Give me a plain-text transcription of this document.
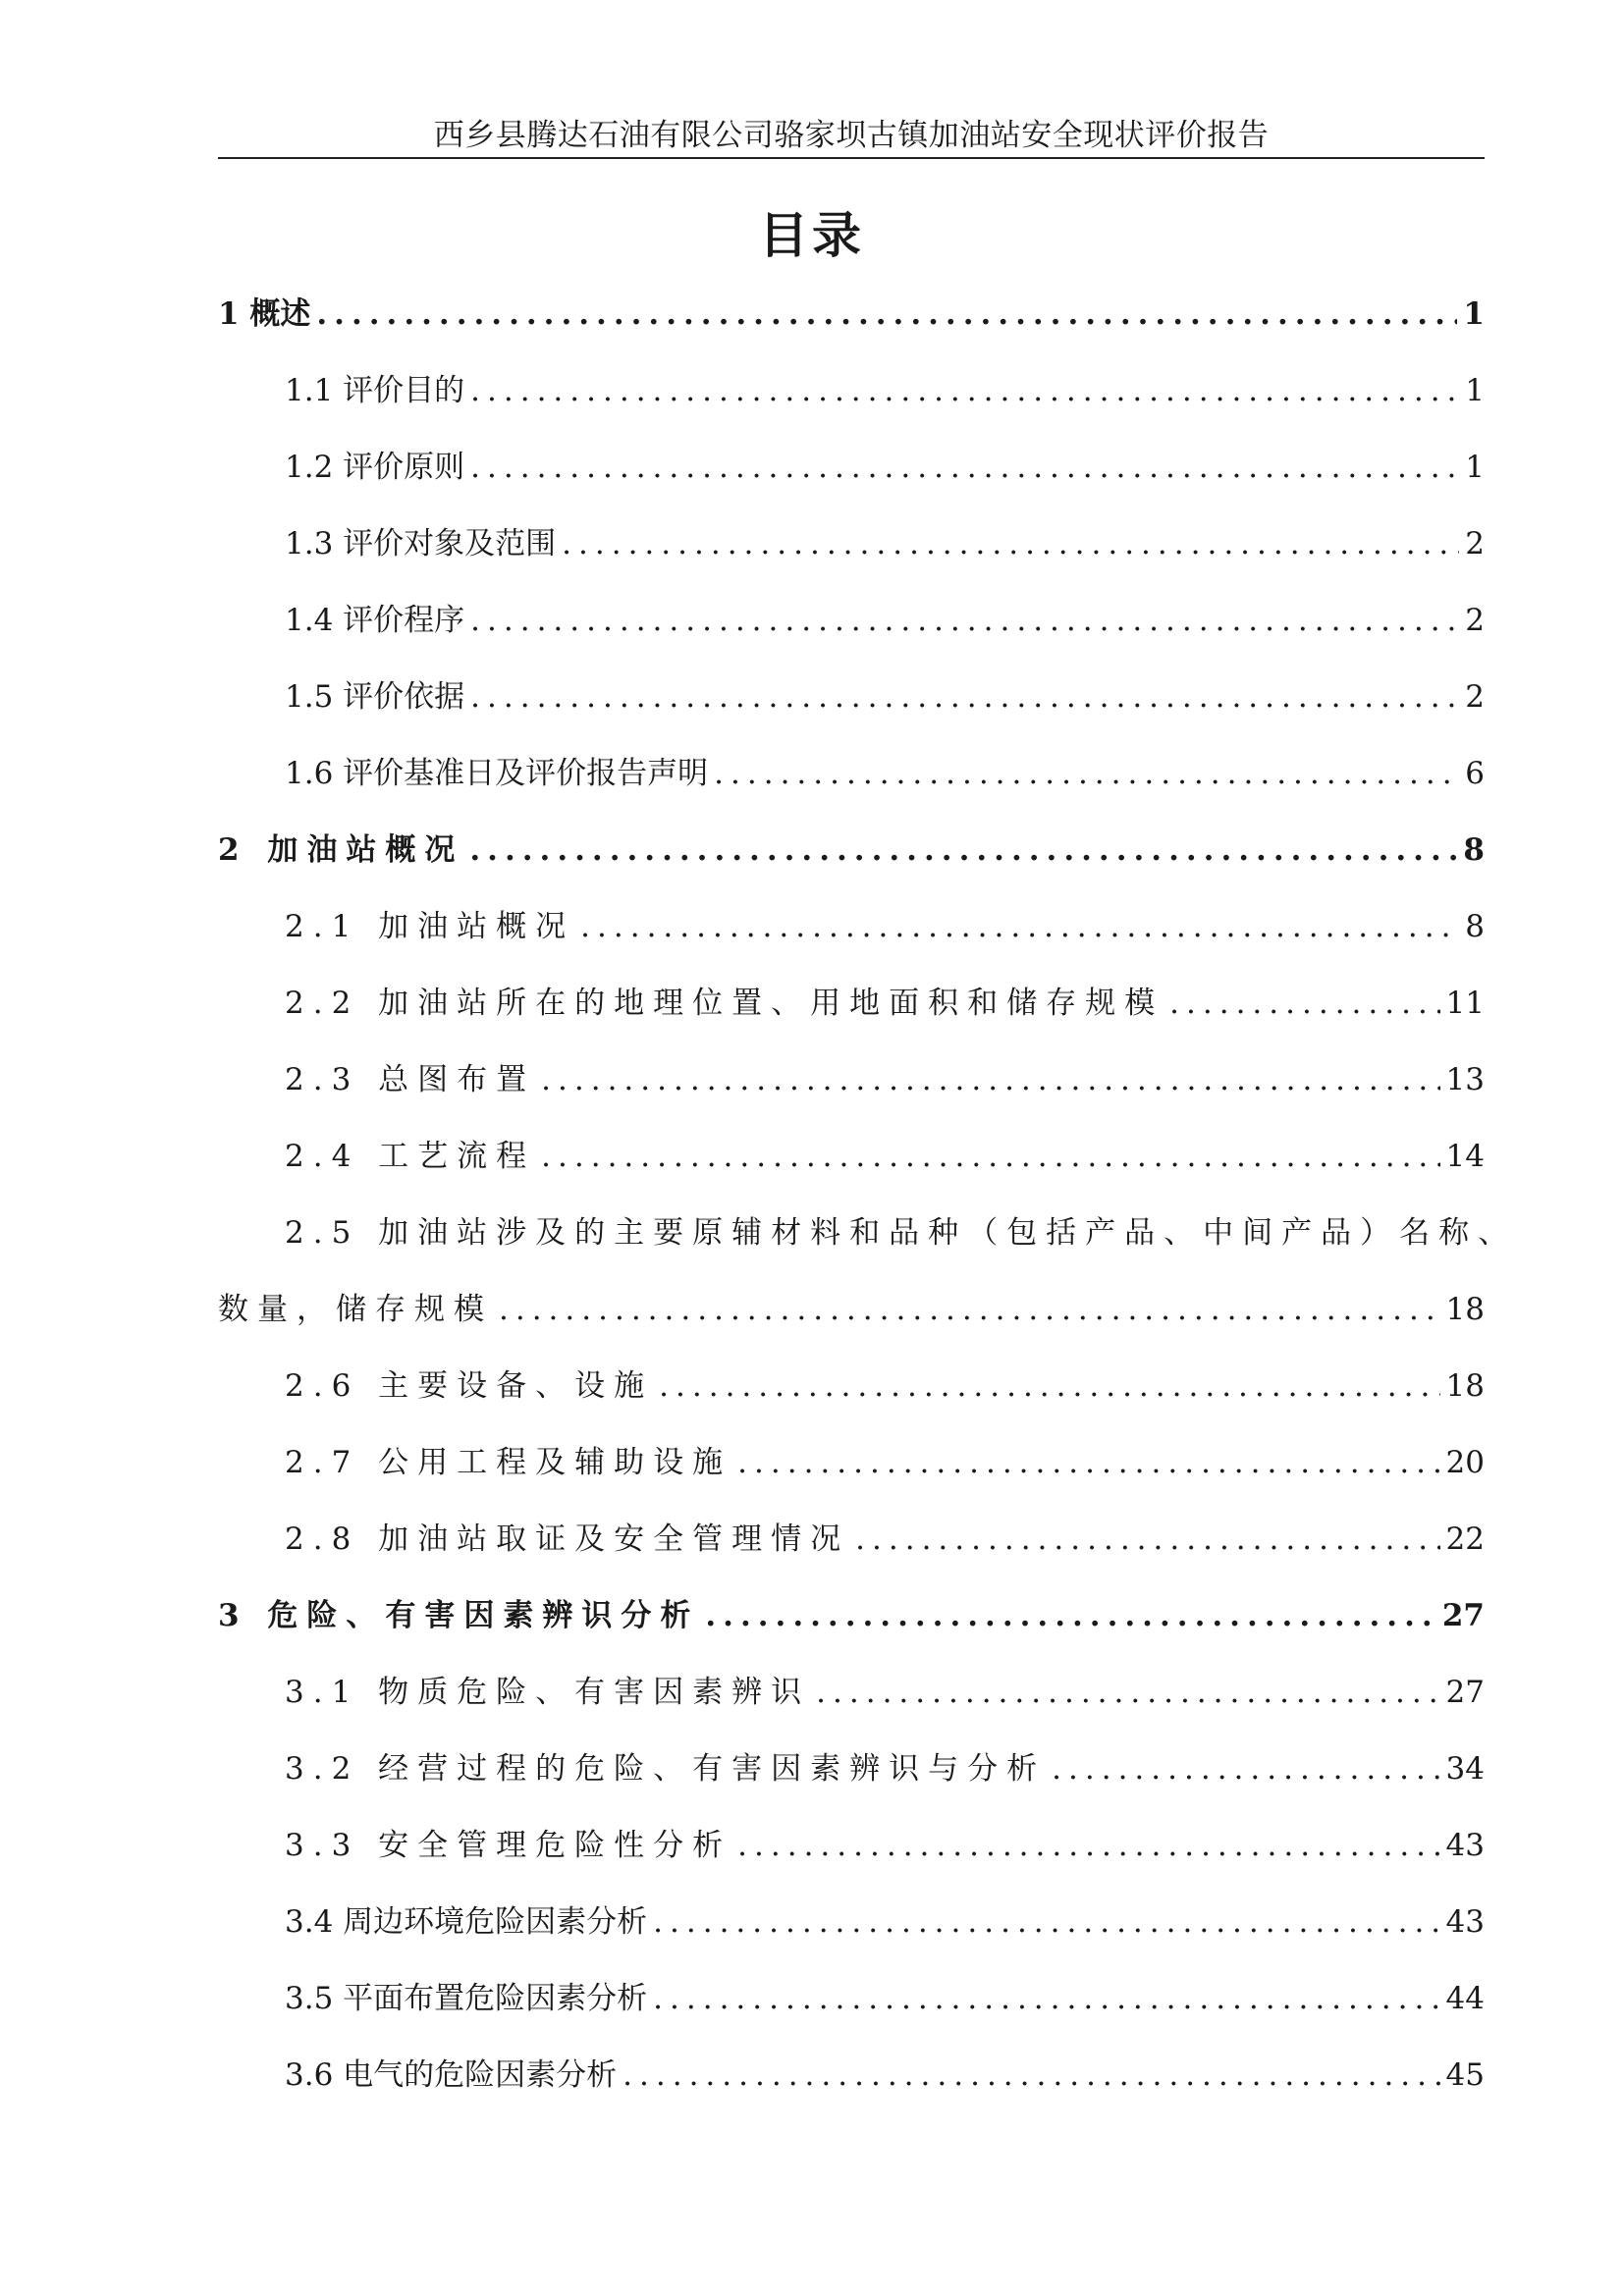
西乡县腾达石油有限公司骆家坝古镇加油站安全现状评价报告
目录
1 概述 .....	1
1.1 评价目的 .....	1
1.2 评价原则 .....	1
1.3 评价对象及范围 .....	2
1.4 评价程序 .....	2
1.5 评价依据 .....	2
1.6 评价基准日及评价报告声明 .....	6
2 加油站概况 .....	8
2.1 加油站概况 .....	8
2.2 加油站所在的地理位置、用地面积和储存规模 .....	11
2.3 总图布置 .....	13
2.4 工艺流程 .....	14
2.5 加油站涉及的主要原辅材料和品种（包括产品、中间产品）名称、
数量，储存规模 .....	18
2.6 主要设备、设施 .....	18
2.7 公用工程及辅助设施 .....	20
2.8 加油站取证及安全管理情况 .....	22
3 危险、有害因素辨识分析 .....	27
3.1 物质危险、有害因素辨识 .....	27
3.2 经营过程的危险、有害因素辨识与分析 .....	34
3.3 安全管理危险性分析 .....	43
3.4 周边环境危险因素分析 .....	43
3.5 平面布置危险因素分析 .....	44
3.6 电气的危险因素分析 .....	45
